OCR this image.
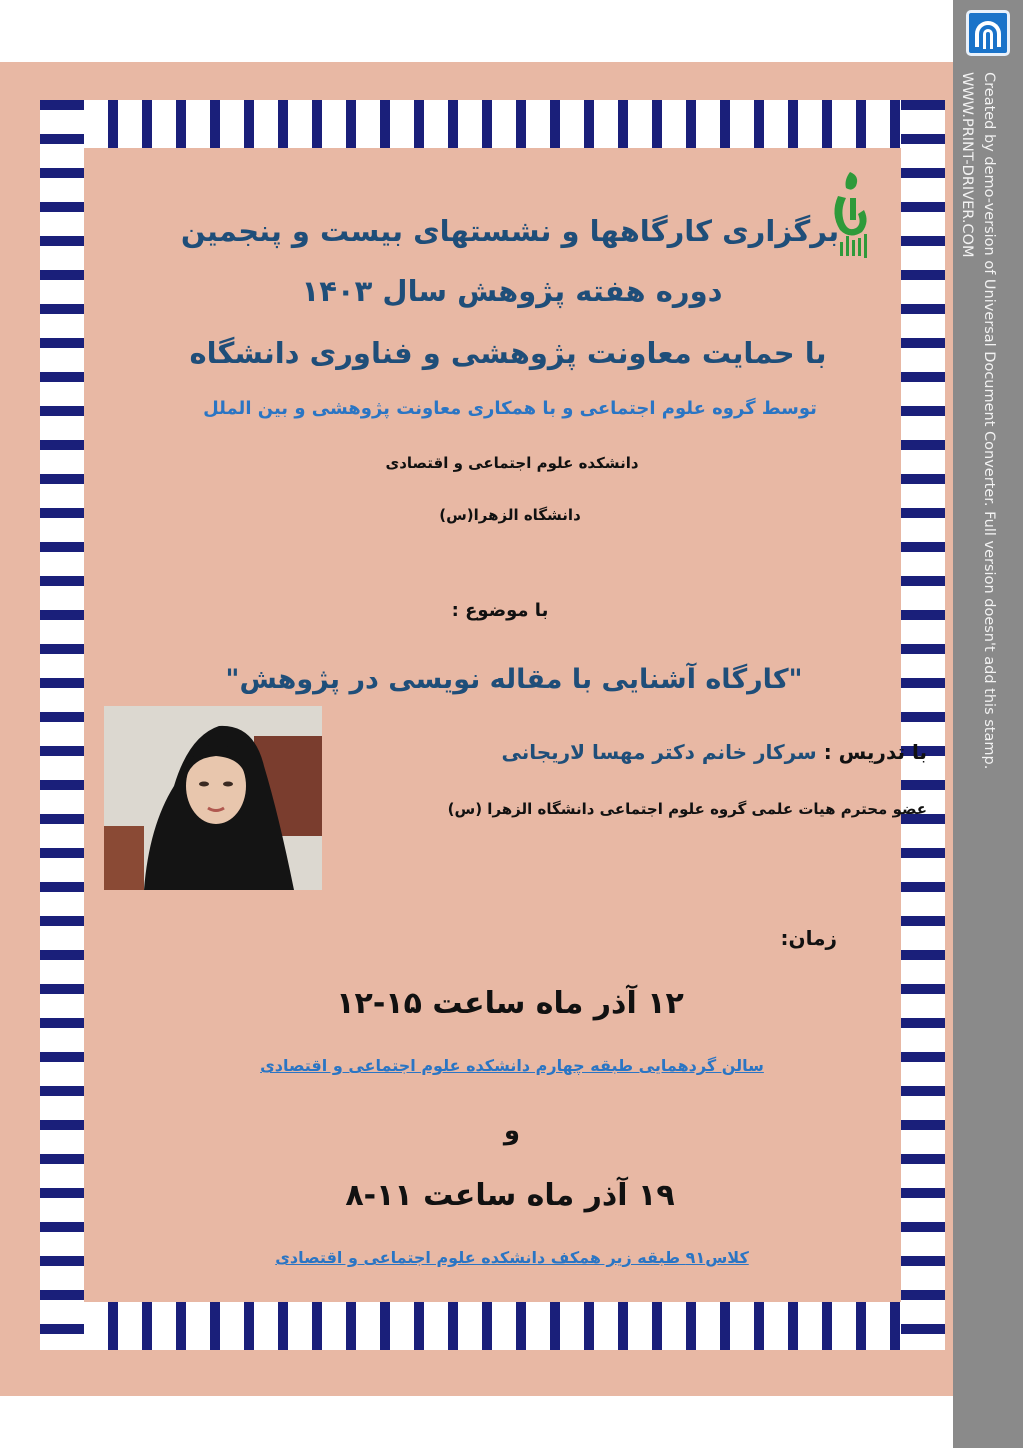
Created by demo-version of Universal Document Converter. Full version doesn't add this stamp.
WWW.PRINT-DRIVER.COM
برگزاری کارگاهها و نشستهای بیست و پنجمین
دوره هفته پژوهش سال ۱۴۰۳
با حمایت معاونت پژوهشی و فناوری دانشگاه
توسط گروه علوم اجتماعی و با همکاری معاونت پژوهشی و بین الملل
دانشکده علوم اجتماعی و اقتصادی
دانشگاه الزهرا(س)
با موضوع :
"کارگاه آشنایی با مقاله نویسی در پژوهش"
با تدریس : سرکار خانم دکتر مهسا لاریجانی
عضو محترم هیات علمی گروه علوم اجتماعی دانشگاه الزهرا (س)
زمان:
۱۲ آذر ماه ساعت ۱۵-۱۲
سالن گردهمایی طبقه چهارم دانشکده علوم اجتماعی و اقتصادی
و
۱۹ آذر ماه ساعت ۱۱-۸
کلاس۹۱ طبقه زیر همکف دانشکده علوم اجتماعی و اقتصادی
